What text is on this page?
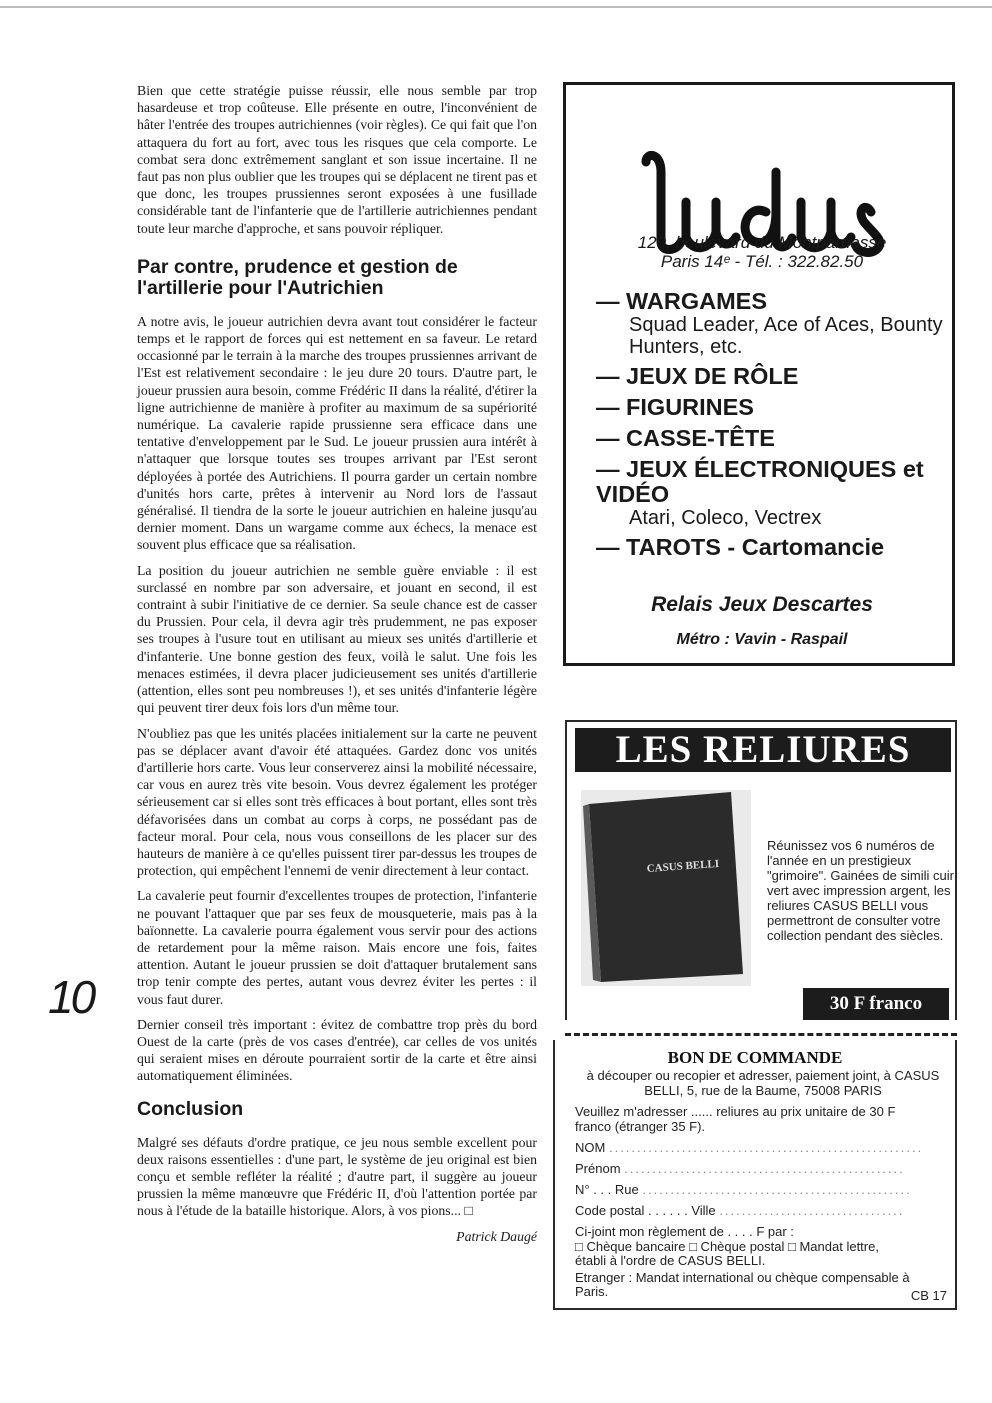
Bien que cette stratégie puisse réussir, elle nous semble par trop hasardeuse et trop coûteuse. Elle présente en outre, l'inconvénient de hâter l'entrée des troupes autrichiennes (voir règles). Ce qui fait que l'on attaquera du fort au fort, avec tous les risques que cela comporte. Le combat sera donc extrêmement sanglant et son issue incertaine. Il ne faut pas non plus oublier que les troupes qui se déplacent ne tirent pas et que donc, les troupes prussiennes seront exposées à une fusillade considérable tant de l'infanterie que de l'artillerie autrichiennes pendant toute leur marche d'approche, et sans pouvoir répliquer.

Par contre, prudence et gestion de l'artillerie pour l'Autrichien

A notre avis, le joueur autrichien devra avant tout considérer le facteur temps et le rapport de forces qui est nettement en sa faveur. Le retard occasionné par le terrain à la marche des troupes prussiennes arrivant de l'Est est relativement secondaire : le jeu dure 20 tours. D'autre part, le joueur prussien aura besoin, comme Frédéric II dans la réalité, d'étirer la ligne autrichienne de manière à profiter au maximum de sa supériorité numérique. La cavalerie rapide prussienne sera efficace dans une tentative d'enveloppement par le Sud. Le joueur prussien aura intérêt à n'attaquer que lorsque toutes ses troupes arrivant par l'Est seront déployées à portée des Autrichiens. Il pourra garder un certain nombre d'unités hors carte, prêtes à intervenir au Nord lors de l'assaut généralisé. Il tiendra de la sorte le joueur autrichien en haleine jusqu'au dernier moment. Dans un wargame comme aux échecs, la menace est souvent plus efficace que sa réalisation.

La position du joueur autrichien ne semble guère enviable : il est surclassé en nombre par son adversaire, et jouant en second, il est contraint à subir l'initiative de ce dernier. Sa seule chance est de casser du Prussien. Pour cela, il devra agir très prudemment, ne pas exposer ses troupes à l'usure tout en utilisant au mieux ses unités d'artillerie et d'infanterie. Une bonne gestion des feux, voilà le salut. Une fois les menaces estimées, il devra placer judicieusement ses unités d'artillerie (attention, elles sont peu nombreuses !), et ses unités d'infanterie légère qui peuvent tirer deux fois lors d'un même tour.

N'oubliez pas que les unités placées initialement sur la carte ne peuvent pas se déplacer avant d'avoir été attaquées. Gardez donc vos unités d'artillerie hors carte. Vous leur conserverez ainsi la mobilité nécessaire, car vous en aurez très vite besoin. Vous devrez également les protéger sérieusement car si elles sont très efficaces à bout portant, elles sont très défavorisées dans un combat au corps à corps, ne possédant pas de facteur moral. Pour cela, nous vous conseillons de les placer sur des hauteurs de manière à ce qu'elles puissent tirer par-dessus les troupes de protection, qui empêchent l'ennemi de venir directement à leur contact.

La cavalerie peut fournir d'excellentes troupes de protection, l'infanterie ne pouvant l'attaquer que par ses feux de mousqueterie, mais pas à la baïonnette. La cavalerie pourra également vous servir pour des actions de retardement pour la même raison. Mais encore une fois, faites attention. Autant le joueur prussien se doit d'attaquer brutalement sans trop tenir compte des pertes, autant vous devrez éviter les pertes : il vous faut durer.

Dernier conseil très important : évitez de combattre trop près du bord Ouest de la carte (près de vos cases d'entrée), car celles de vos unités qui seraient mises en déroute pourraient sortir de la carte et être ainsi automatiquement éliminées.

Conclusion

Malgré ses défauts d'ordre pratique, ce jeu nous semble excellent pour deux raisons essentielles : d'une part, le système de jeu original est bien conçu et semble refléter la réalité ; d'autre part, il suggère au joueur prussien la même manœuvre que Frédéric II, d'où l'attention portée par nous à l'étude de la bataille historique. Alors, à vos pions... □

Patrick Daugé
10
120, boulevard du Montparnasse
Paris 14ᵉ - Tél. : 322.82.50
— WARGAMES
Squad Leader, Ace of Aces, Bounty Hunters, etc.
— JEUX DE RÔLE
— FIGURINES
— CASSE-TÊTE
— JEUX ÉLECTRONIQUES et VIDÉO
Atari, Coleco, Vectrex
— TAROTS - Cartomancie
Relais Jeux Descartes
Métro : Vavin - Raspail
LES RELIURES
CASUS BELLI
Réunissez vos 6 numéros de l'année en un prestigieux "grimoire". Gainées de simili cuir vert avec impression argent, les reliures CASUS BELLI vous permettront de consulter votre collection pendant des siècles.
30 F franco
BON DE COMMANDE
à découper ou recopier et adresser, paiement joint, à CASUS BELLI, 5, rue de la Baume, 75008 PARIS
Veuillez m'adresser ...... reliures au prix unitaire de 30 F
franco (étranger 35 F).
NOM ........................................................
Prénom ..................................................
N° . . . Rue ................................................
Code postal . . . . . . Ville .................................
Ci-joint mon règlement de . . . . F par :
□ Chèque bancaire □ Chèque postal □ Mandat lettre,
établi à l'ordre de CASUS BELLI.
Etranger : Mandat international ou chèque compensable à
Paris.	CB 17
